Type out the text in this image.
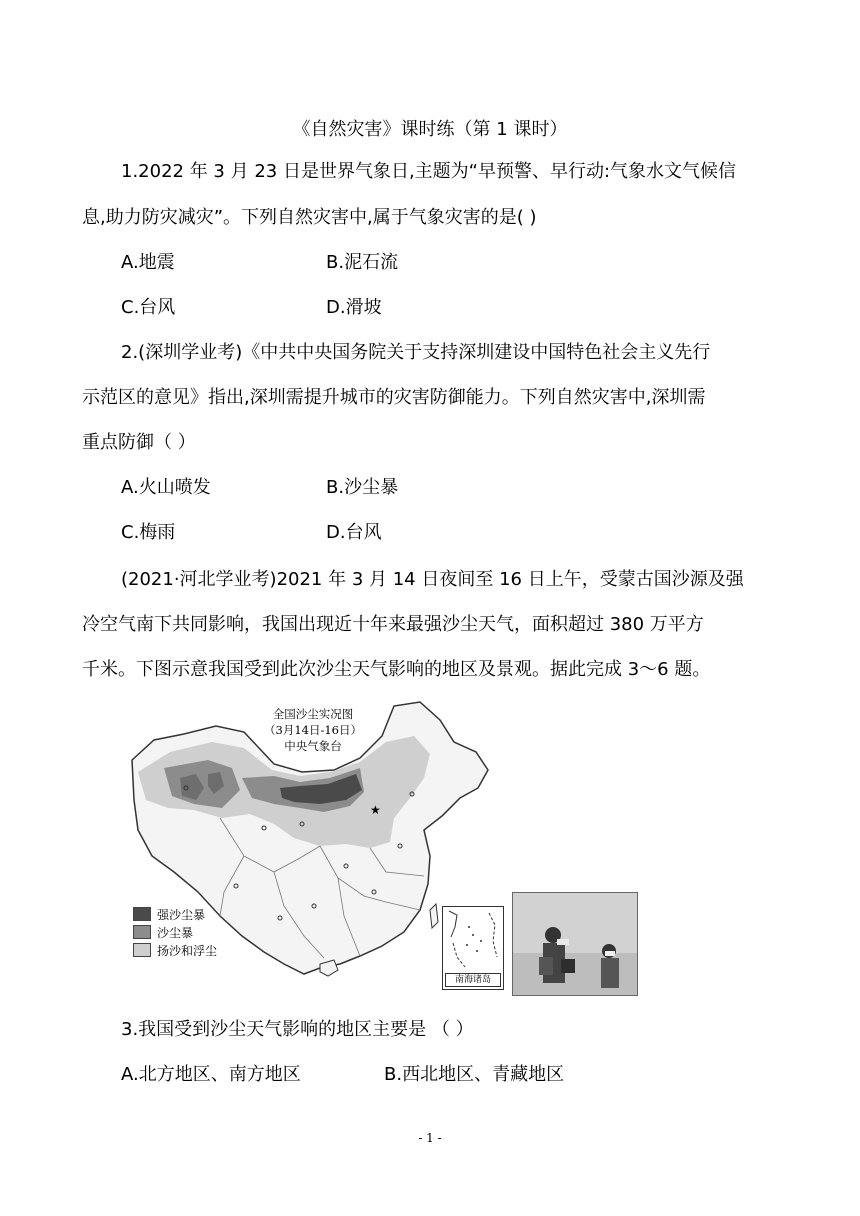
《自然灾害》课时练（第 1 课时）
1.2022 年 3 月 23 日是世界气象日,主题为“早预警、早行动:气象水文气候信
息,助力防灾减灾”。下列自然灾害中,属于气象灾害的是( )
A.地震	B.泥石流
C.台风	D.滑坡
2.(深圳学业考)《中共中央国务院关于支持深圳建设中国特色社会主义先行
示范区的意见》指出,深圳需提升城市的灾害防御能力。下列自然灾害中,深圳需
重点防御（ ）
A.火山喷发	B.沙尘暴
C.梅雨	D.台风
(2021·河北学业考)2021 年 3 月 14 日夜间至 16 日上午，受蒙古国沙源及强
冷空气南下共同影响，我国出现近十年来最强沙尘天气，面积超过 380 万平方
千米。下图示意我国受到此次沙尘天气影响的地区及景观。据此完成 3～6 题。
★
全国沙尘实况图
（3月14日-16日）
中央气象台
强沙尘暴
沙尘暴
扬沙和浮尘
南海诸岛
3.我国受到沙尘天气影响的地区主要是 （ ）
A.北方地区、南方地区	B.西北地区、青藏地区
- 1 -
